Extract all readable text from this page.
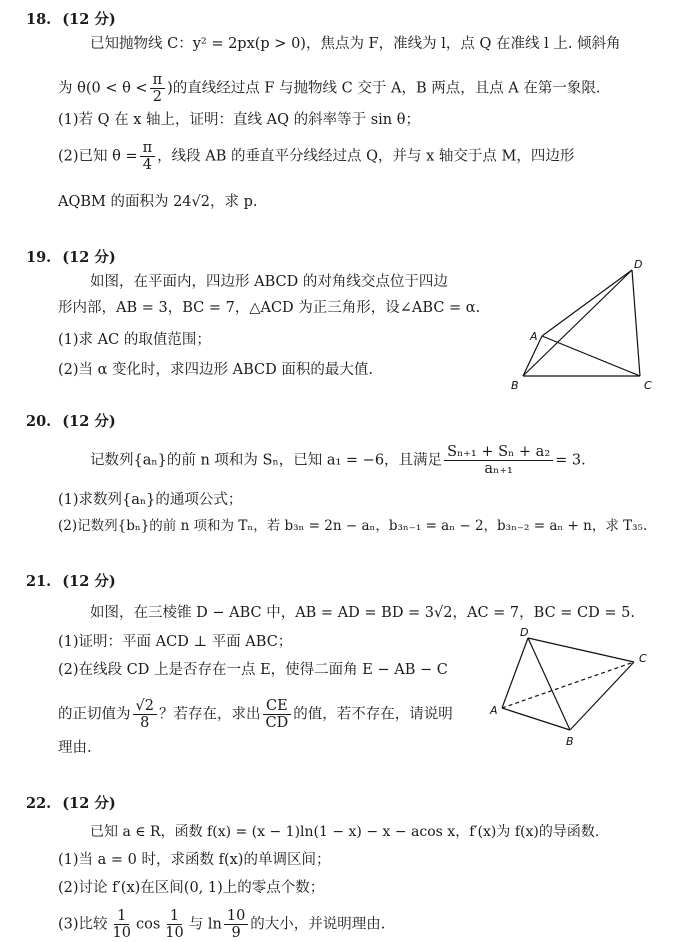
18. (12 分)
已知抛物线 C：y² = 2px(p > 0)，焦点为 F，准线为 l，点 Q 在准线 l 上. 倾斜角
为 $\theta(0 < \theta < \frac{\pi}{2}$ )的直线经过点 F 与抛物线 C 交于 A，B 两点，且点 A 在第一象限.
(1)若 Q 在 x 轴上，证明：直线 AQ 的斜率等于 sin θ；
(2)已知 $\theta = \frac{\pi}{4}$ ，线段 AB 的垂直平分线经过点 Q，并与 x 轴交于点 M，四边形
AQBM 的面积为 24√2，求 p.
19. (12 分)
如图，在平面内，四边形 ABCD 的对角线交点位于四边
形内部，AB = 3，BC = 7，△ACD 为正三角形，设∠ABC = α.
(1)求 AC 的取值范围；
(2)当 α 变化时，求四边形 ABCD 面积的最大值.
A
B	C
D
20. (12 分)
记数列{aₙ}的前 n 项和为 Sₙ，已知 a₁ = −6，且满足 $\frac{\text{Sₙ₊₁ + Sₙ + a₂}}{\text{aₙ₊₁}} = 3$.
(1)求数列{aₙ}的通项公式；
(2)记数列{bₙ}的前 n 项和为 Tₙ，若 b₃ₙ = 2n − aₙ，b₃ₙ₋₁ = aₙ − 2，b₃ₙ₋₂ = aₙ + n，求 T₃₅.
21. (12 分)
如图，在三棱锥 D − ABC 中，AB = AD = BD = 3√2，AC = 7，BC = CD = 5.
(1)证明：平面 ACD ⊥ 平面 ABC；
(2)在线段 CD 上是否存在一点 E，使得二面角 E − AB − C
的正切值为 $\frac{√2}{8}$ ？若存在，求出 $\frac{CE}{CD}$ 的值，若不存在，请说明
理由.
A
B
C
D
22. (12 分)
已知 a ∈ R，函数 f(x) = (x − 1)ln(1 − x) − x − acos x，f′(x)为 f(x)的导函数.
(1)当 a = 0 时，求函数 f(x)的单调区间；
(2)讨论 f′(x)在区间(0, 1)上的零点个数；
(3)比较 $\frac{1}{10}$ $\cos \frac{1}{10}$ 与 $\ln \frac{10}{9}$ 的大小，并说明理由.
